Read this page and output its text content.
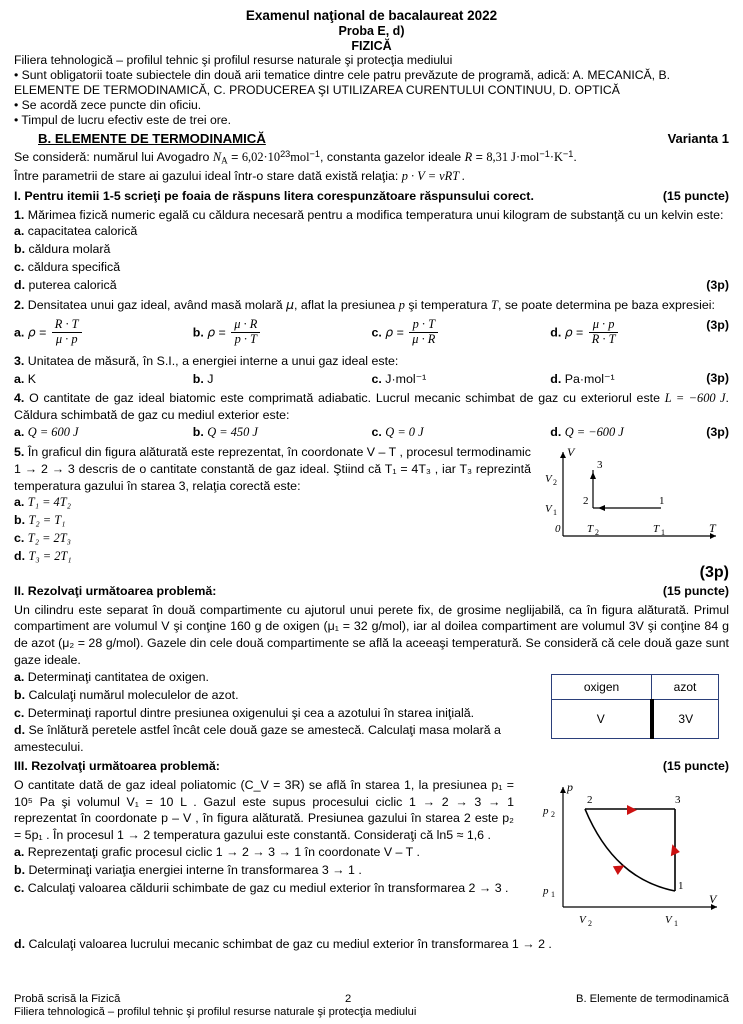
Examenul naţional de bacalaureat 2022
Proba E, d)
FIZICĂ
Filiera tehnologică – profilul tehnic şi profilul resurse naturale şi protecţia mediului
• Sunt obligatorii toate subiectele din două arii tematice dintre cele patru prevăzute de programă, adică: A. MECANICĂ, B. ELEMENTE DE TERMODINAMICĂ, C. PRODUCEREA ŞI UTILIZAREA CURENTULUI CONTINUU, D. OPTICĂ
• Se acordă zece puncte din oficiu.
• Timpul de lucru efectiv este de trei ore.
B. ELEMENTE DE TERMODINAMICĂ	Varianta 1

Se consideră: numărul lui Avogadro $N_A = 6,02\cdot 10^{23}mol^{-1}$, constanta gazelor ideale R = 8,31 $J\cdot mol^{-1}\cdot K^{-1}$.

Între parametrii de stare ai gazului ideal într-o stare dată există relaţia: p · V = νRT .

(15 puncte)
I. Pentru itemii 1-5 scrieţi pe foaia de răspuns litera corespunzătoare răspunsului corect.

1. Mărimea fizică numeric egală cu căldura necesară pentru a modifica temperatura unui kilogram de substanţă cu un kelvin este:

a. capacitatea calorică
b. căldura molară
c. căldura specifică
(3p)
d. puterea calorică

2. Densitatea unui gaz ideal, având masă molară μ, aflat la presiunea p şi temperatura T, se poate determina pe baza expresiei:

a. $\rho = \frac{R \cdot T}{\mu \cdot p}$	b. $\rho = \frac{\mu \cdot R}{p \cdot T}$	c. $\rho = \frac{p \cdot T}{\mu \cdot R}$	(3p)
d. $\rho = \frac{\mu \cdot p}{R \cdot T}$

3. Unitatea de măsură, în S.I., a energiei interne a unui gaz ideal este:

a. K	b. J	c. J·mol⁻¹	(3p)
d. Pa·mol⁻¹

4. O cantitate de gaz ideal biatomic este comprimată adiabatic. Lucrul mecanic schimbat de gaz cu exteriorul este L = −600 J. Căldura schimbată de gaz cu mediul exterior este:

a. Q = 600 J	b. Q = 450 J	c. Q = 0 J	(3p)
d. Q = −600 J
0
V
T
V 2
V 1
T 2	T 1
3
2	1

5. În graficul din figura alăturată este reprezentat, în coordonate V – T , procesul termodinamic 1 → 2 → 3 descris de o cantitate constantă de gaz ideal. Ştiind că T₁ = 4T₃ , iar T₃ reprezintă temperatura gazului în starea 3, relaţia corectă este:

a. T₁ = 4T₂
b. T₂ = T₁
c. T₂ = 2T₃
d. T₃ = 2T₁
(3p)

(15 puncte)
II. Rezolvaţi următoarea problemă:

Un cilindru este separat în două compartimente cu ajutorul unui perete fix, de grosime neglijabilă, ca în figura alăturată. Primul compartiment are volumul V şi conţine 160 g de oxigen (μ₁ = 32 g/mol), iar al doilea compartiment are volumul 3V şi conţine 84 g de azot (μ₂ = 28 g/mol). Gazele din cele două compartimente se află la aceeaşi temperatură. Se consideră că cele două gaze sunt gaze ideale.

oxigen	azot
V	3V
a. Determinaţi cantitatea de oxigen.
b. Calculaţi numărul moleculelor de azot.
c. Determinaţi raportul dintre presiunea oxigenului şi cea a azotului în starea iniţială.
d. Se înlătură peretele astfel încât cele două gaze se amestecă. Calculaţi masa molară a amestecului.

(15 puncte)
III. Rezolvaţi următoarea problemă:

p
V
p 2
p 1
V 2	V 1
2	3
1

O cantitate dată de gaz ideal poliatomic (C_V = 3R) se află în starea 1, la presiunea p₁ = 10⁵ Pa şi volumul V₁ = 10 L . Gazul este supus procesului ciclic 1 → 2 → 3 → 1 reprezentat în coordonate p – V , în figura alăturată. Presiunea gazului în starea 2 este p₂ = 5p₁ . În procesul 1 → 2 temperatura gazului este constantă. Consideraţi că ln5 ≈ 1,6 .

a. Reprezentaţi grafic procesul ciclic 1 → 2 → 3 → 1 în coordonate V – T .
b. Determinaţi variaţia energiei interne în transformarea 3 → 1 .
c. Calculaţi valoarea căldurii schimbate de gaz cu mediul exterior în transformarea 2 → 3 .
d. Calculaţi valoarea lucrului mecanic schimbat de gaz cu mediul exterior în transformarea 1 → 2 .
Probă scrisă la Fizică	2	B. Elemente de termodinamică
Filiera tehnologică – profilul tehnic şi profilul resurse naturale şi protecţia mediului
